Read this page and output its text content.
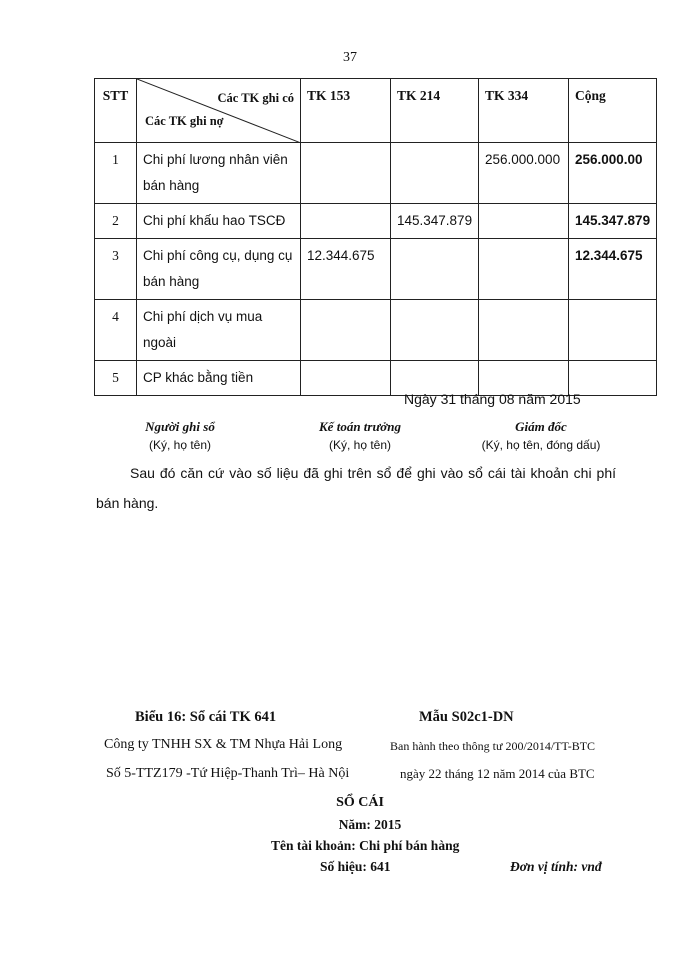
37
STT	Các TK ghi có
Các TK ghi nợ	TK 153	TK 214	TK 334	Cộng
1	Chi phí lương nhân viên bán hàng			256.000.000	256.000.00
2	Chi phí khấu hao TSCĐ		145.347.879		145.347.879
3	Chi phí công cụ, dụng cụ bán hàng	12.344.675			12.344.675
4	Chi phí dịch vụ mua ngoài				
5	CP khác bằng tiền				
Ngày 31 tháng 08 năm 2015
Người ghi sổ
(Ký, họ tên)
Kế toán trưởng
(Ký, họ tên)
Giám đốc
(Ký, họ tên, đóng dấu)
Sau đó căn cứ vào số liệu đã ghi trên sổ để ghi vào sổ cái tài khoản chi phí bán hàng.
Biểu 16: Sổ cái TK 641	Mẫu S02c1-DN
Công ty TNHH SX & TM Nhựa Hải Long	Ban hành theo thông tư 200/2014/TT-BTC
Số 5-TTZ179 -Tứ Hiệp-Thanh Trì– Hà Nội	ngày 22 tháng 12 năm 2014 của BTC
SỔ CÁI
Năm: 2015
Tên tài khoản: Chi phí bán hàng
Số hiệu: 641	Đơn vị tính: vnđ
